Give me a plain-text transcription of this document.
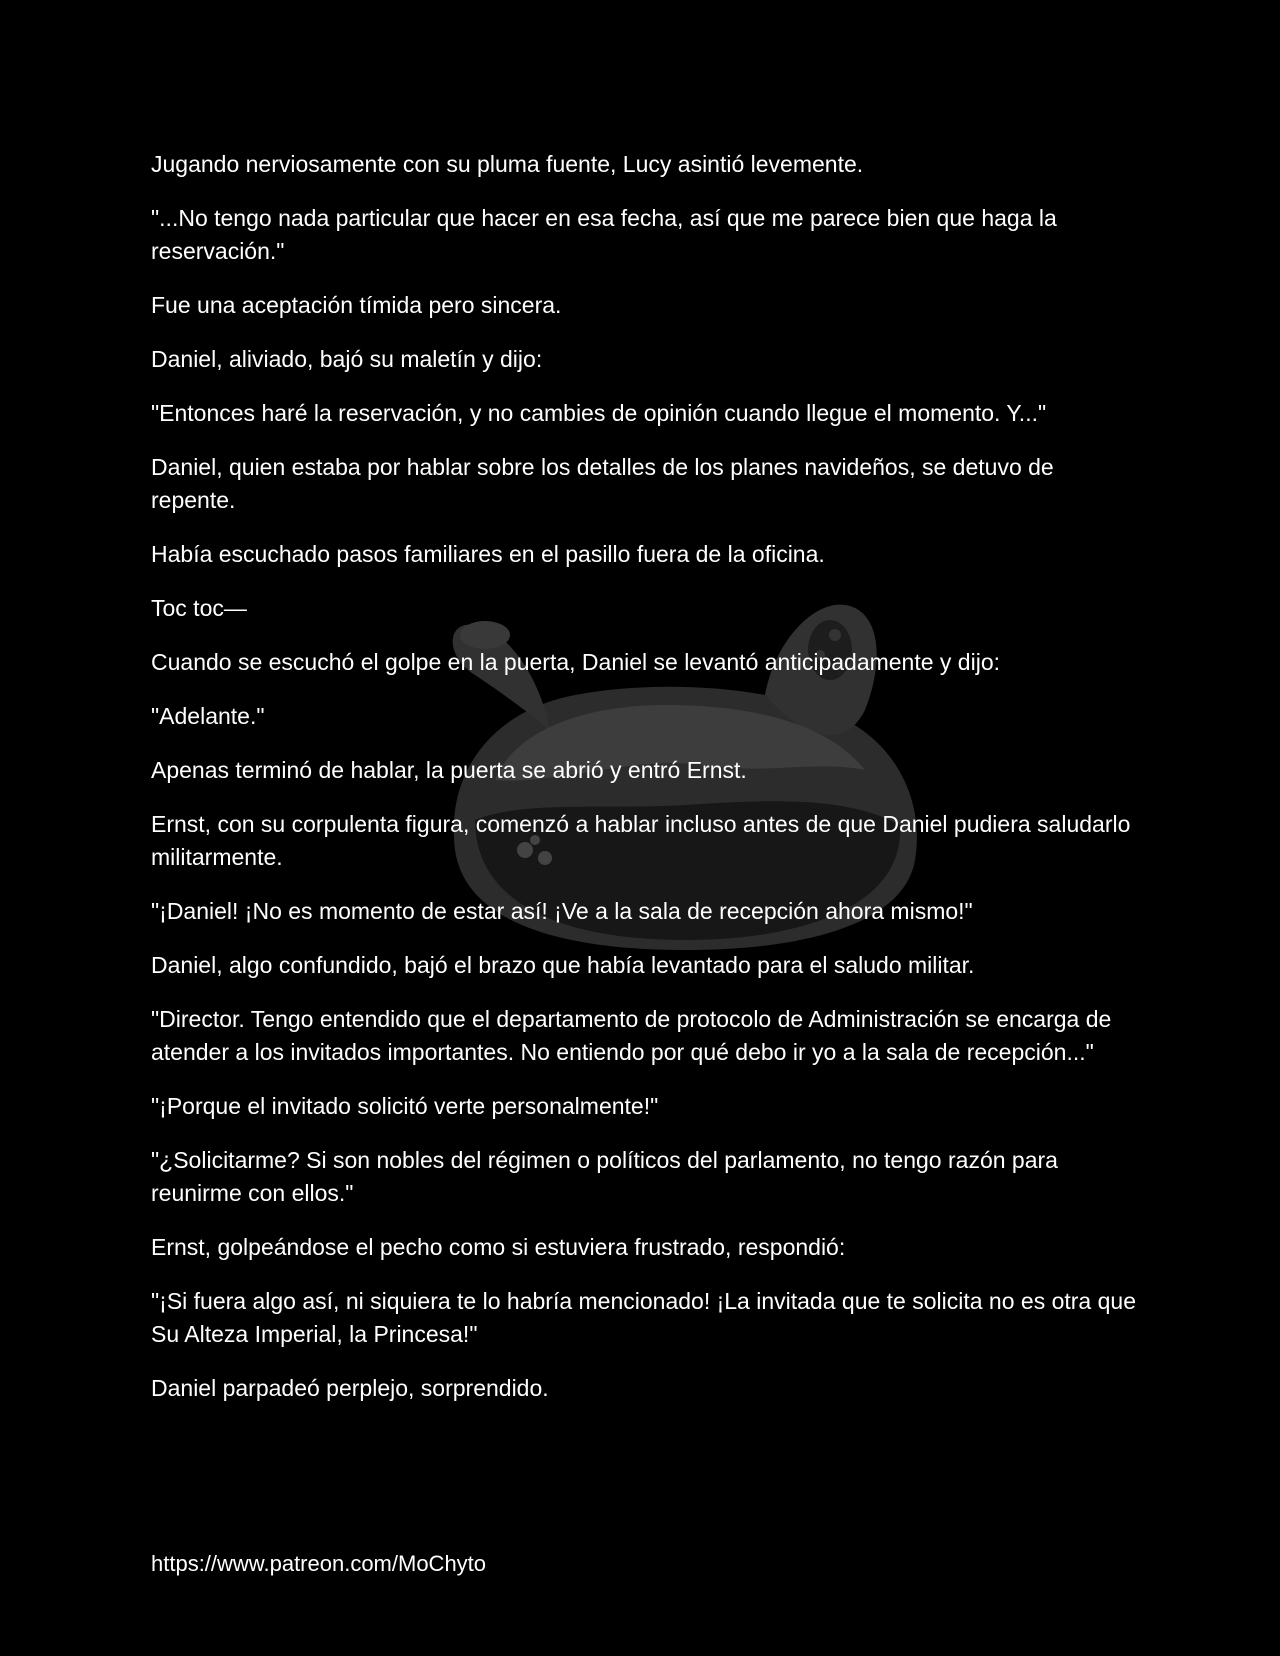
Jugando nerviosamente con su pluma fuente, Lucy asintió levemente.

"...No tengo nada particular que hacer en esa fecha, así que me parece bien que haga la reservación."

Fue una aceptación tímida pero sincera.

Daniel, aliviado, bajó su maletín y dijo:

"Entonces haré la reservación, y no cambies de opinión cuando llegue el momento. Y..."

Daniel, quien estaba por hablar sobre los detalles de los planes navideños, se detuvo de repente.

Había escuchado pasos familiares en el pasillo fuera de la oficina.

Toc toc—

Cuando se escuchó el golpe en la puerta, Daniel se levantó anticipadamente y dijo:

"Adelante."

Apenas terminó de hablar, la puerta se abrió y entró Ernst.

Ernst, con su corpulenta figura, comenzó a hablar incluso antes de que Daniel pudiera saludarlo militarmente.

"¡Daniel! ¡No es momento de estar así! ¡Ve a la sala de recepción ahora mismo!"

Daniel, algo confundido, bajó el brazo que había levantado para el saludo militar.

"Director. Tengo entendido que el departamento de protocolo de Administración se encarga de atender a los invitados importantes. No entiendo por qué debo ir yo a la sala de recepción..."

"¡Porque el invitado solicitó verte personalmente!"

"¿Solicitarme? Si son nobles del régimen o políticos del parlamento, no tengo razón para reunirme con ellos."

Ernst, golpeándose el pecho como si estuviera frustrado, respondió:

"¡Si fuera algo así, ni siquiera te lo habría mencionado! ¡La invitada que te solicita no es otra que Su Alteza Imperial, la Princesa!"

Daniel parpadeó perplejo, sorprendido.

https://www.patreon.com/MoChyto
